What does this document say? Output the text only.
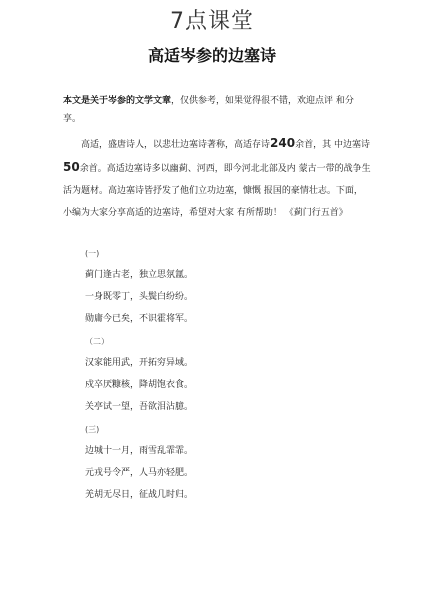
7点课堂
高适岑参的边塞诗
本文是关于岑参的文学文章，仅供参考，如果觉得很不错，欢迎点评 和分享。
高适，盛唐诗人，以悲壮边塞诗著称，高适存诗240余首，其 中边塞诗50余首。高适边塞诗多以幽蓟、河西，即今河北北部及内 蒙古一带的战争生活为题材。高边塞诗皆抒发了他们立功边塞，慷慨 报国的豪情壮志。下面，小编为大家分享高适的边塞诗，希望对大家 有所帮助！ 《蓟门行五首》
(一)
蓟门逢古老，独立思氛氲。
一身既零丁，头鬓白纷纷。
勋庸今已矣，不识霍将军。
（二）
汉家能用武，开拓穷异域。
戍卒厌糠核，降胡饱衣食。
关亭试一望，吾欲泪沾臆。
(三)
边城十一月，雨雪乱霏霏。
元戎号令严，人马亦轻肥。
羌胡无尽日，征战几时归。
